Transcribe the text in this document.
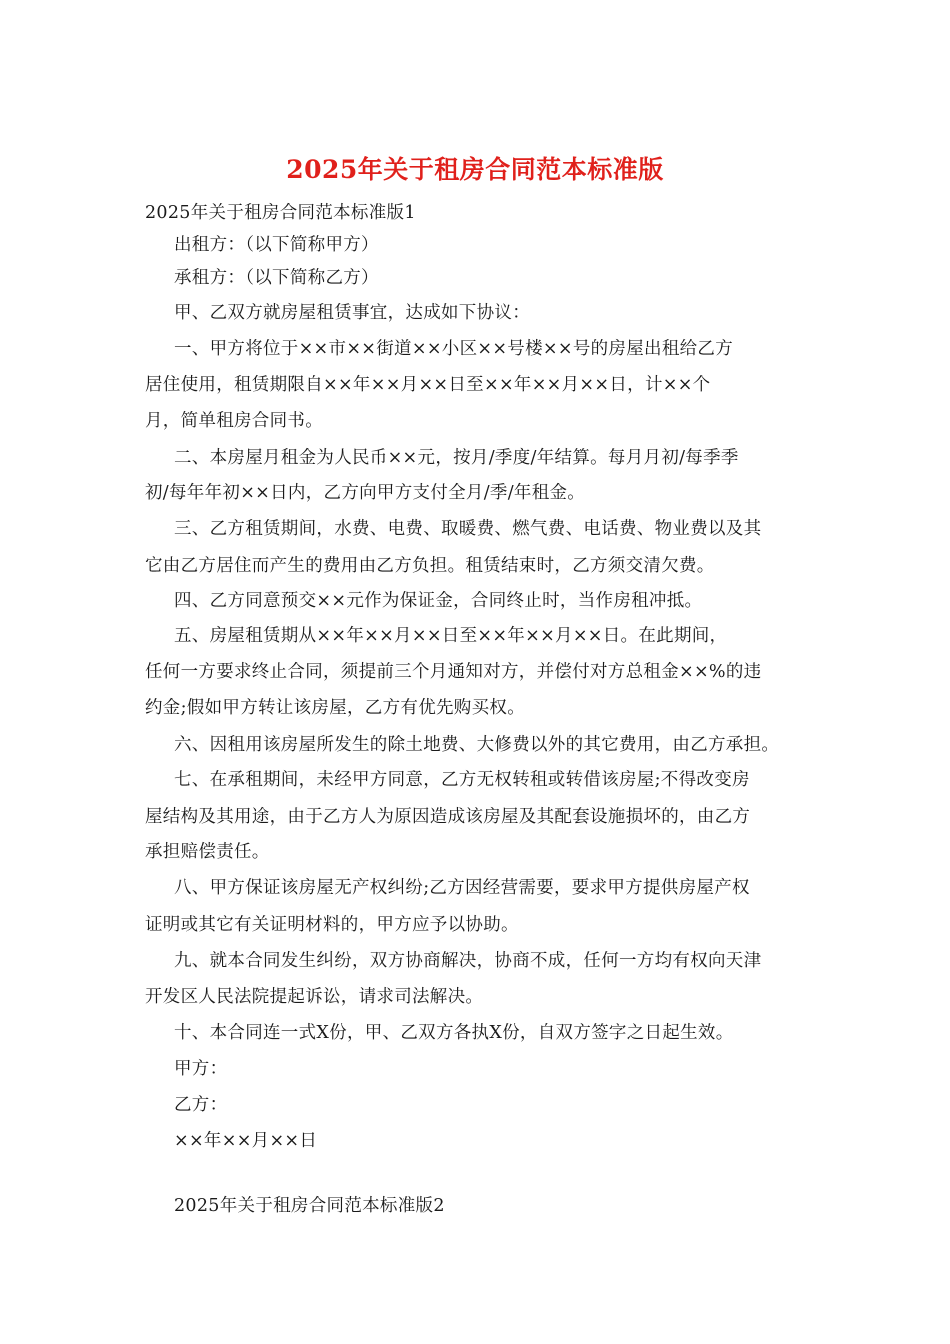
2025年关于租房合同范本标准版
2025年关于租房合同范本标准版1
出租方：（以下简称甲方）
承租方：（以下简称乙方）
甲、乙双方就房屋租赁事宜，达成如下协议：
一、甲方将位于××市××街道××小区××号楼××号的房屋出租给乙方
居住使用，租赁期限自××年××月××日至××年××月××日，计××个
月，简单租房合同书。
二、本房屋月租金为人民币××元，按月/季度/年结算。每月月初/每季季
初/每年年初××日内，乙方向甲方支付全月/季/年租金。
三、乙方租赁期间，水费、电费、取暖费、燃气费、电话费、物业费以及其
它由乙方居住而产生的费用由乙方负担。租赁结束时，乙方须交清欠费。
四、乙方同意预交××元作为保证金，合同终止时，当作房租冲抵。
五、房屋租赁期从××年××月××日至××年××月××日。在此期间，
任何一方要求终止合同，须提前三个月通知对方，并偿付对方总租金××%的违
约金;假如甲方转让该房屋，乙方有优先购买权。
六、因租用该房屋所发生的除土地费、大修费以外的其它费用，由乙方承担。
七、在承租期间，未经甲方同意，乙方无权转租或转借该房屋;不得改变房
屋结构及其用途，由于乙方人为原因造成该房屋及其配套设施损坏的，由乙方
承担赔偿责任。
八、甲方保证该房屋无产权纠纷;乙方因经营需要，要求甲方提供房屋产权
证明或其它有关证明材料的，甲方应予以协助。
九、就本合同发生纠纷，双方协商解决，协商不成，任何一方均有权向天津
开发区人民法院提起诉讼，请求司法解决。
十、本合同连一式X份，甲、乙双方各执X份，自双方签字之日起生效。
甲方：
乙方：
××年××月××日
2025年关于租房合同范本标准版2
